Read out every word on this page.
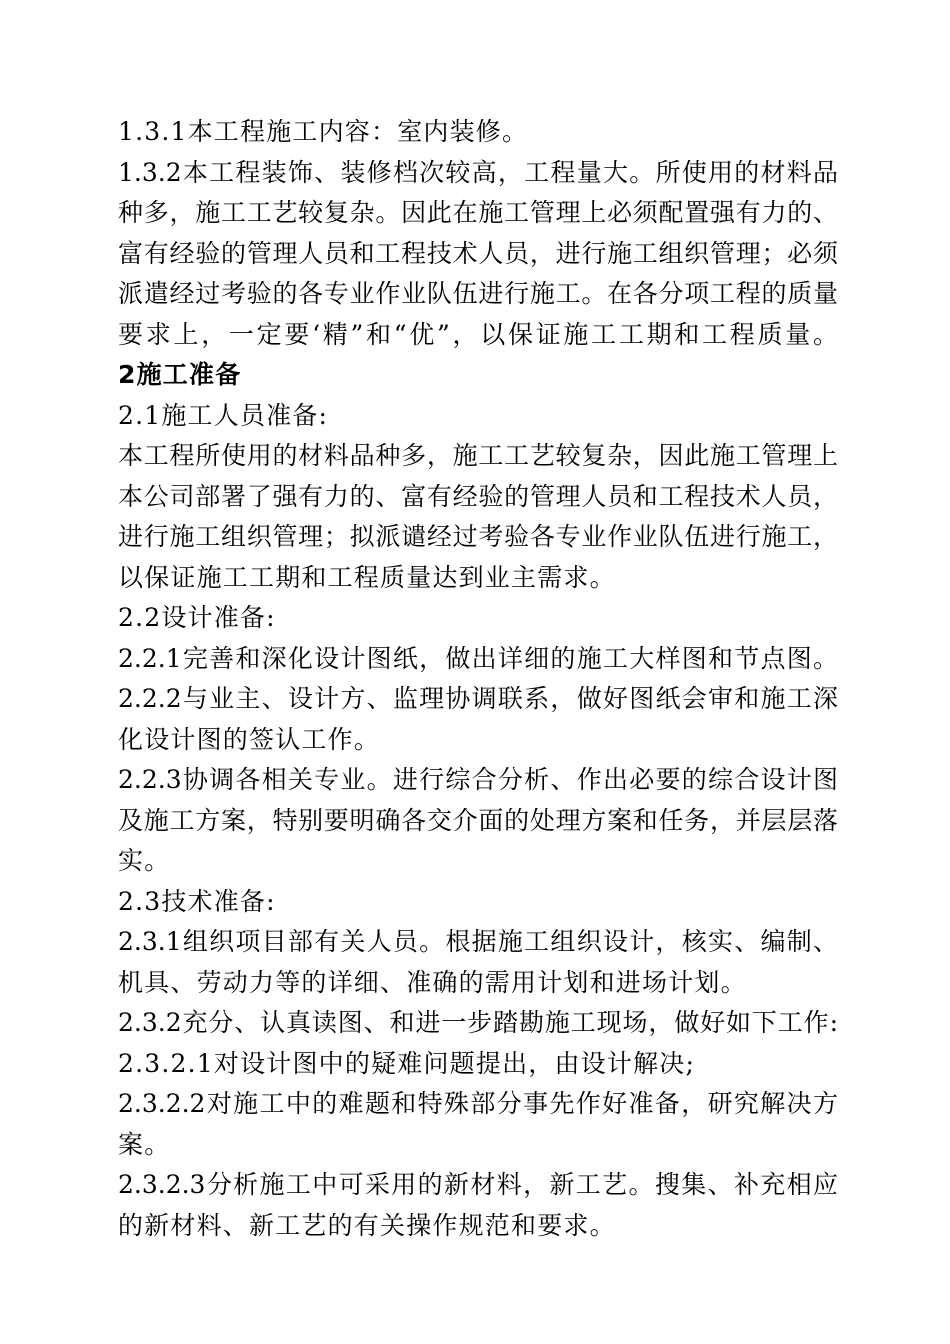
1.3.1本工程施工内容：室内装修。
1.3.2本工程装饰、装修档次较高，工程量大。所使用的材料品
种多，施工工艺较复杂。因此在施工管理上必须配置强有力的、
富有经验的管理人员和工程技术人员，进行施工组织管理；必须
派遣经过考验的各专业作业队伍进行施工。在各分项工程的质量
要求上，一定要‘精”和“优”，以保证施工工期和工程质量。
2施工准备
2.1施工人员准备:
本工程所使用的材料品种多，施工工艺较复杂，因此施工管理上
本公司部署了强有力的、富有经验的管理人员和工程技术人员，
进行施工组织管理；拟派谴经过考验各专业作业队伍进行施工，
以保证施工工期和工程质量达到业主需求。
2.2设计准备:
2.2.1完善和深化设计图纸，做出详细的施工大样图和节点图。
2.2.2与业主、设计方、监理协调联系，做好图纸会审和施工深
化设计图的签认工作。
2.2.3协调各相关专业。进行综合分析、作出必要的综合设计图
及施工方案，特别要明确各交介面的处理方案和任务，并层层落
实。
2.3技术准备:
2.3.1组织项目部有关人员。根据施工组织设计，核实、编制、
机具、劳动力等的详细、准确的需用计划和进场计划。
2.3.2充分、认真读图、和进一步踏勘施工现场，做好如下工作:
2.3.2.1对设计图中的疑难问题提出，由设计解决;
2.3.2.2对施工中的难题和特殊部分事先作好准备，研究解决方
案。
2.3.2.3分析施工中可采用的新材料，新工艺。搜集、补充相应
的新材料、新工艺的有关操作规范和要求。
